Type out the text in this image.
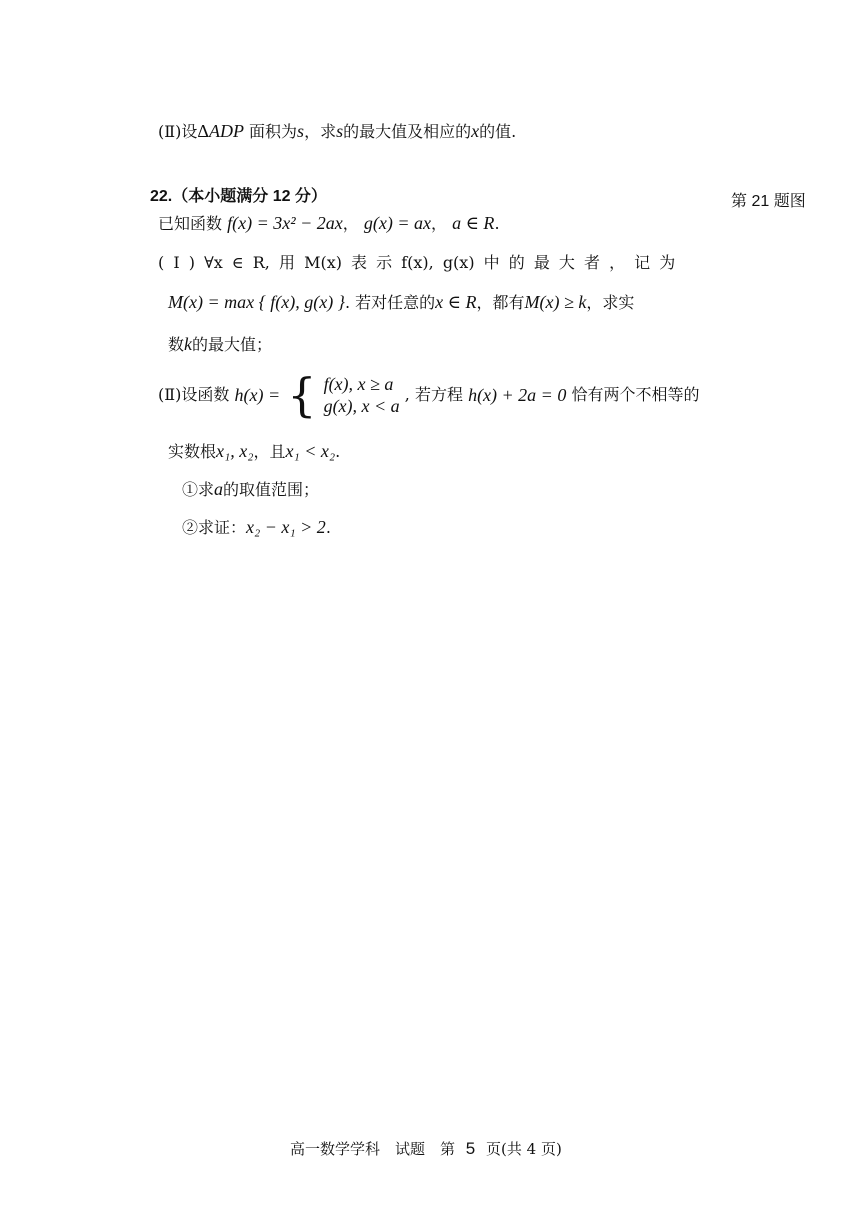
(Ⅱ)设ΔADP 面积为s，求s的最大值及相应的x的值.
第 21 题图
22.（本小题满分 12 分）
已知函数 f(x) = 3x² − 2ax， g(x) = ax， a ∈ R.
( Ⅰ ) ∀x ∈ R, 用 M(x) 表 示 f(x), g(x) 中 的 最 大 者 ， 记 为
M(x) = max { f(x), g(x) }. 若对任意的x ∈ R，都有M(x) ≥ k，求实
数k的最大值；
(Ⅱ)设函数 h(x) = { f(x), x ≥ a
g(x), x < a
, 若方程 h(x) + 2a = 0 恰有两个不相等的
实数根x₁, x₂，且x₁ < x₂.
①求a的取值范围；
②求证：x₂ − x₁ > 2.
高一数学学科　试题　第 5 页(共 4 页)
